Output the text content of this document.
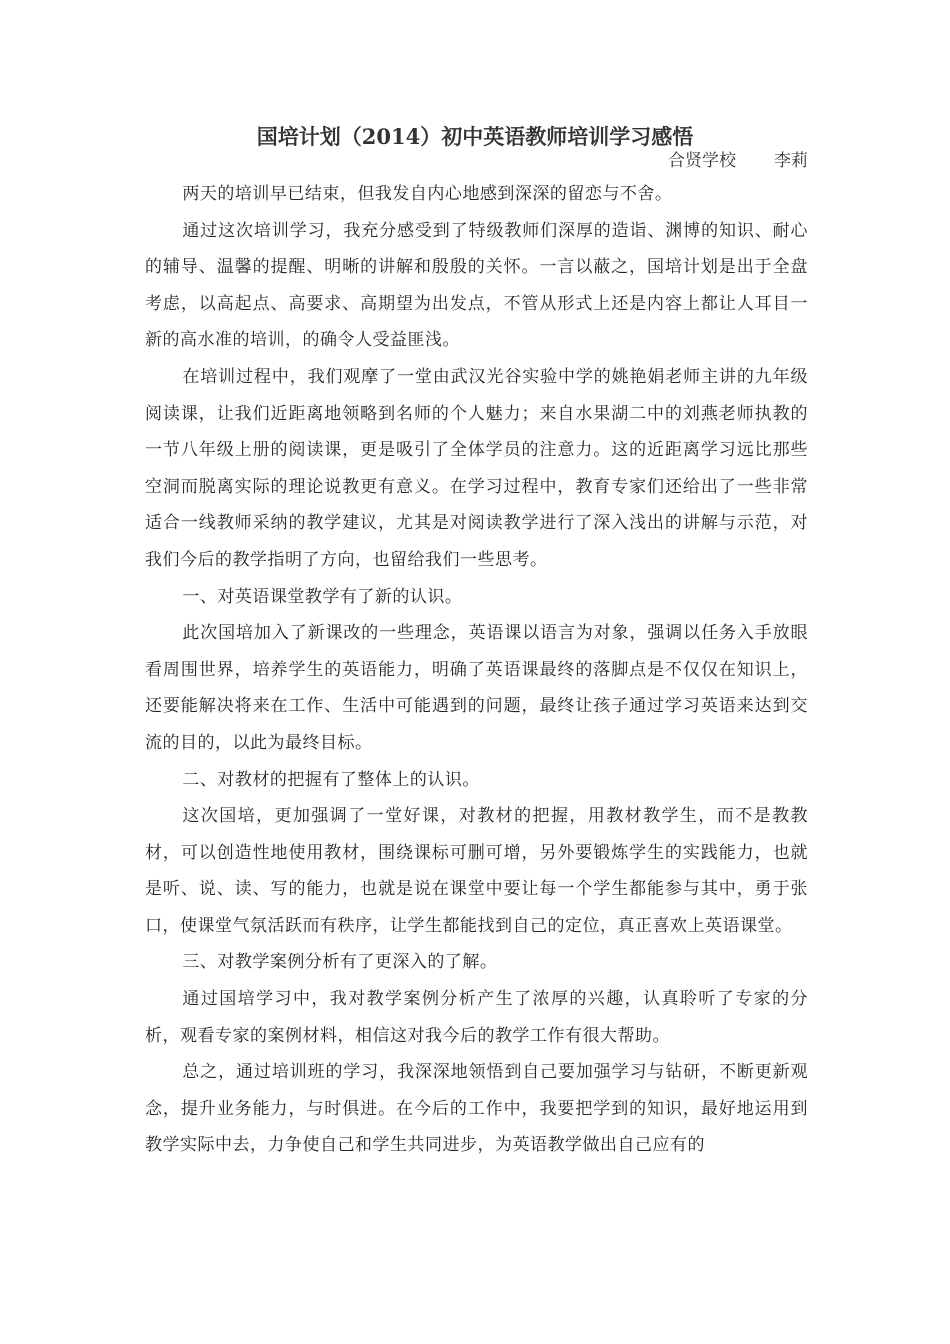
国培计划（2014）初中英语教师培训学习感悟
合贤学校 李莉

两天的培训早已结束，但我发自内心地感到深深的留恋与不舍。

通过这次培训学习，我充分感受到了特级教师们深厚的造诣、渊博的知识、耐心的辅导、温馨的提醒、明晰的讲解和殷殷的关怀。一言以蔽之，国培计划是出于全盘考虑，以高起点、高要求、高期望为出发点，不管从形式上还是内容上都让人耳目一新的高水准的培训，的确令人受益匪浅。

在培训过程中，我们观摩了一堂由武汉光谷实验中学的姚艳娟老师主讲的九年级阅读课，让我们近距离地领略到名师的个人魅力；来自水果湖二中的刘燕老师执教的一节八年级上册的阅读课，更是吸引了全体学员的注意力。这的近距离学习远比那些空洞而脱离实际的理论说教更有意义。在学习过程中，教育专家们还给出了一些非常适合一线教师采纳的教学建议，尤其是对阅读教学进行了深入浅出的讲解与示范，对我们今后的教学指明了方向，也留给我们一些思考。

一、对英语课堂教学有了新的认识。

此次国培加入了新课改的一些理念，英语课以语言为对象，强调以任务入手放眼看周围世界，培养学生的英语能力，明确了英语课最终的落脚点是不仅仅在知识上，还要能解决将来在工作、生活中可能遇到的问题，最终让孩子通过学习英语来达到交流的目的，以此为最终目标。

二、对教材的把握有了整体上的认识。

这次国培，更加强调了一堂好课，对教材的把握，用教材教学生，而不是教教材，可以创造性地使用教材，围绕课标可删可增，另外要锻炼学生的实践能力，也就是听、说、读、写的能力，也就是说在课堂中要让每一个学生都能参与其中，勇于张口，使课堂气氛活跃而有秩序，让学生都能找到自己的定位，真正喜欢上英语课堂。

三、对教学案例分析有了更深入的了解。

通过国培学习中，我对教学案例分析产生了浓厚的兴趣，认真聆听了专家的分析，观看专家的案例材料，相信这对我今后的教学工作有很大帮助。

总之，通过培训班的学习，我深深地领悟到自己要加强学习与钻研，不断更新观念，提升业务能力，与时俱进。在今后的工作中，我要把学到的知识，最好地运用到教学实际中去，力争使自己和学生共同进步，为英语教学做出自己应有的
